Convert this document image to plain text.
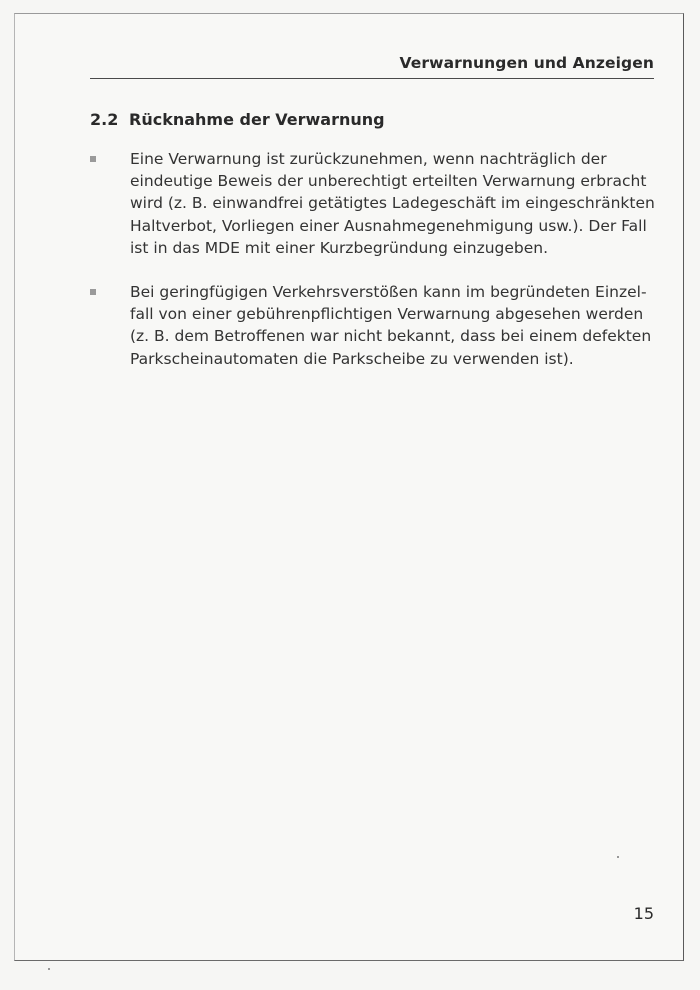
Verwarnungen und Anzeigen
2.2 Rücknahme der Verwarnung
Eine Verwarnung ist zurückzunehmen, wenn nachträglich der
eindeutige Beweis der unberechtigt erteilten Verwarnung erbracht
wird (z. B. einwandfrei getätigtes Ladegeschäft im eingeschränkten
Haltverbot, Vorliegen einer Ausnahmegenehmigung usw.). Der Fall
ist in das MDE mit einer Kurzbegründung einzugeben.
Bei geringfügigen Verkehrsverstößen kann im begründeten Einzel-
fall von einer gebührenpflichtigen Verwarnung abgesehen werden
(z. B. dem Betroffenen war nicht bekannt, dass bei einem defekten
Parkscheinautomaten die Parkscheibe zu verwenden ist).
15
